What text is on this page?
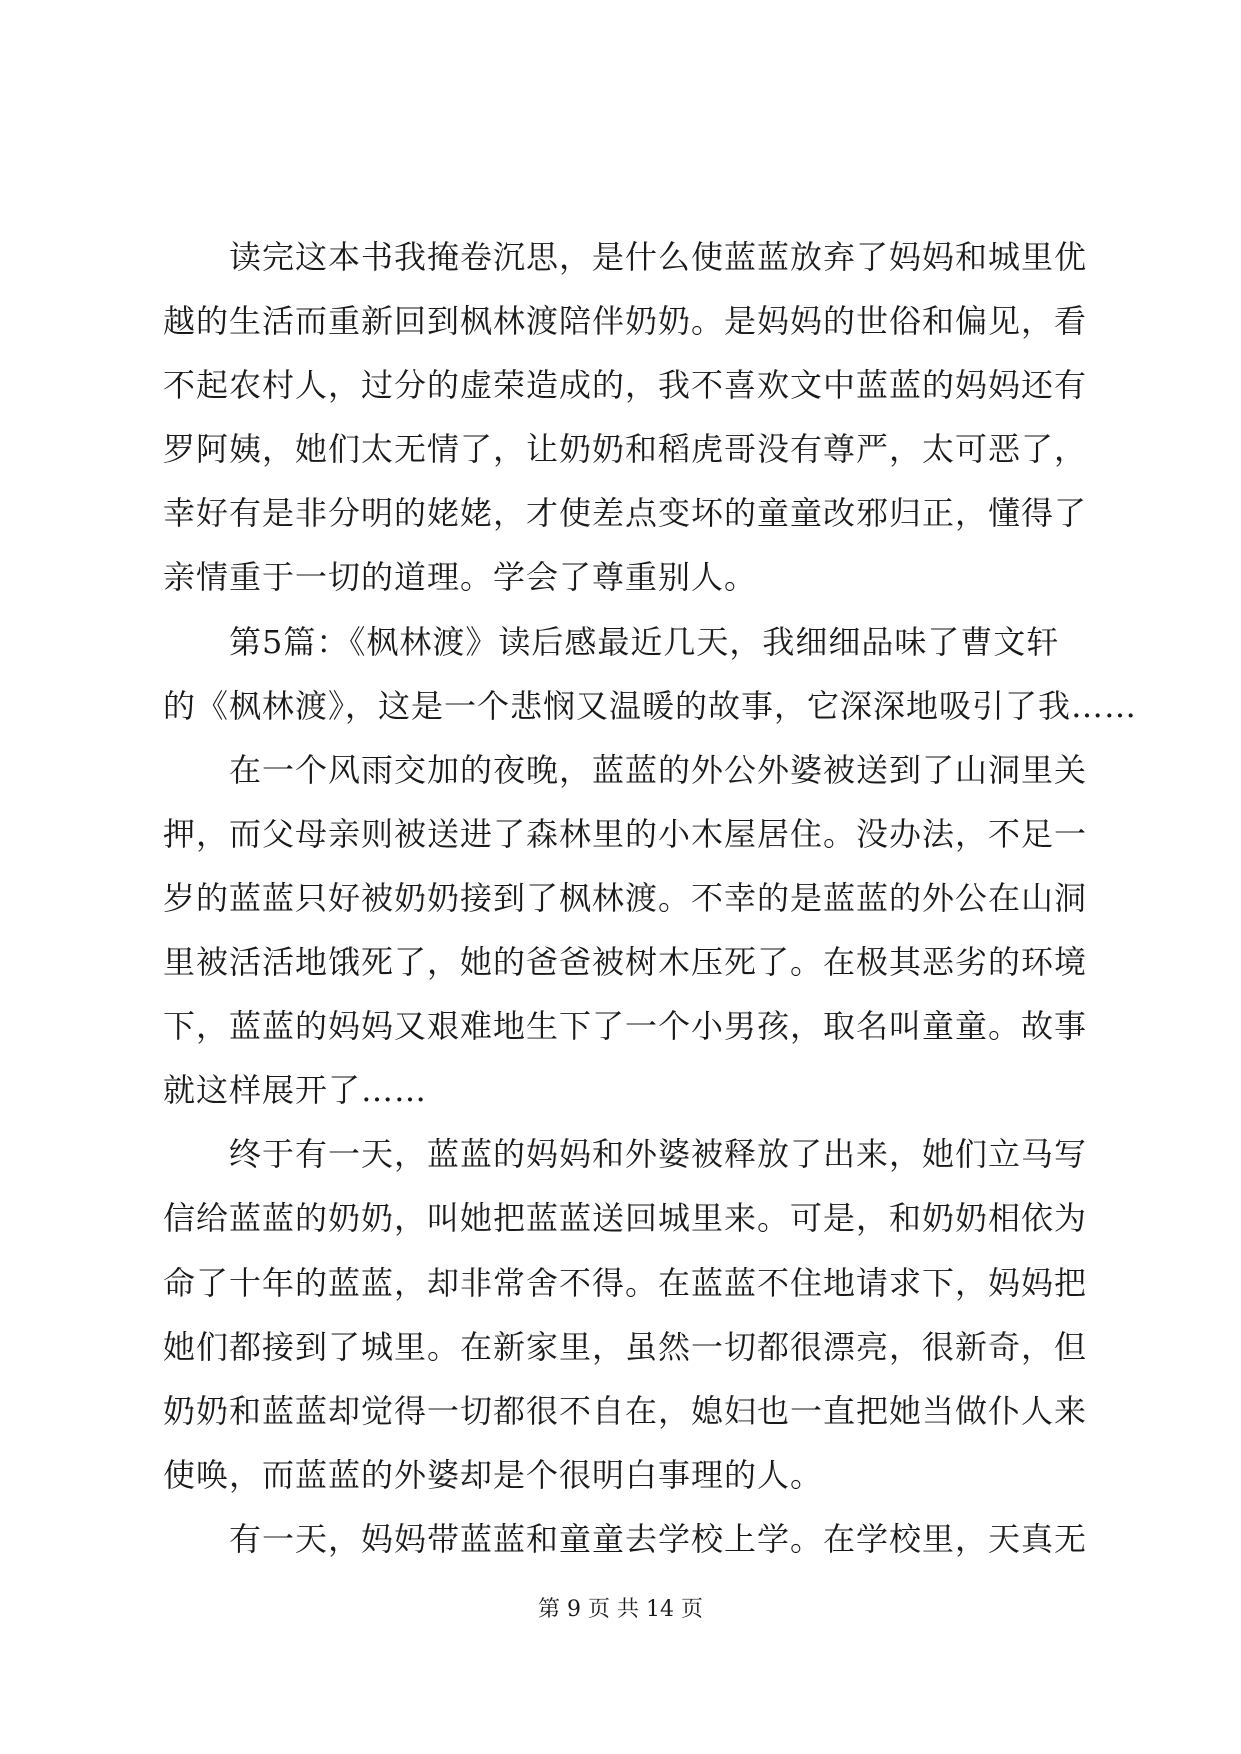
读完这本书我掩卷沉思，是什么使蓝蓝放弃了妈妈和城里优
越的生活而重新回到枫林渡陪伴奶奶。是妈妈的世俗和偏见，看
不起农村人，过分的虚荣造成的，我不喜欢文中蓝蓝的妈妈还有
罗阿姨，她们太无情了，让奶奶和稻虎哥没有尊严，太可恶了，
幸好有是非分明的姥姥，才使差点变坏的童童改邪归正，懂得了
亲情重于一切的道理。学会了尊重别人。
第5篇：《枫林渡》读后感最近几天，我细细品味了曹文轩
的《枫林渡》，这是一个悲悯又温暖的故事，它深深地吸引了我……
在一个风雨交加的夜晚，蓝蓝的外公外婆被送到了山洞里关
押，而父母亲则被送进了森林里的小木屋居住。没办法，不足一
岁的蓝蓝只好被奶奶接到了枫林渡。不幸的是蓝蓝的外公在山洞
里被活活地饿死了，她的爸爸被树木压死了。在极其恶劣的环境
下，蓝蓝的妈妈又艰难地生下了一个小男孩，取名叫童童。故事
就这样展开了……
终于有一天，蓝蓝的妈妈和外婆被释放了出来，她们立马写
信给蓝蓝的奶奶，叫她把蓝蓝送回城里来。可是，和奶奶相依为
命了十年的蓝蓝，却非常舍不得。在蓝蓝不住地请求下，妈妈把
她们都接到了城里。在新家里，虽然一切都很漂亮，很新奇，但
奶奶和蓝蓝却觉得一切都很不自在，媳妇也一直把她当做仆人来
使唤，而蓝蓝的外婆却是个很明白事理的人。
有一天，妈妈带蓝蓝和童童去学校上学。在学校里，天真无
第 9 页 共 14 页
